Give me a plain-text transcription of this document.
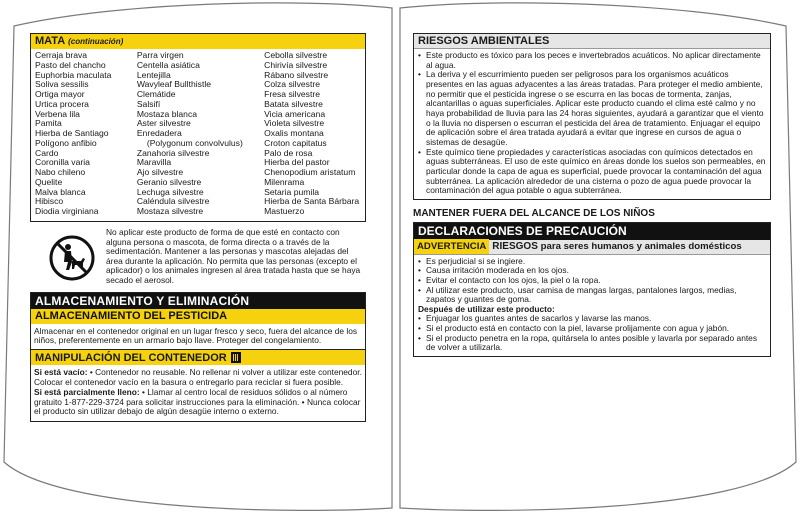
MATA (continuación)
Cerraja brava
Pasto del chancho
Euphorbia maculata
Soliva sessilis
Ortiga mayor
Urtica procera
Verbena lila
Pamita
Hierba de Santiago
Polígono anfibio
Cardo
Coronilla varia
Nabo chileno
Quelite
Malva blanca
Hibisco
Diodia virginiana
Parra virgen
Centella asiática
Lentejilla
Wavyleaf Bullthistle
Clemátide
Salsifí
Mostaza blanca
Aster silvestre
Enredadera
(Polygonum convolvulus)
Zanahoria silvestre
Maravilla
Ajo silvestre
Geranio silvestre
Lechuga silvestre
Caléndula silvestre
Mostaza silvestre
Cebolla silvestre
Chirivía silvestre
Rábano silvestre
Colza silvestre
Fresa silvestre
Batata silvestre
Vicia americana
Violeta silvestre
Oxalis montana
Croton capitatus
Palo de rosa
Hierba del pastor
Chenopodium aristatum
Milenrama
Setaria pumila
Hierba de Santa Bárbara
Mastuerzo
No aplicar este producto de forma de que esté en contacto con alguna persona o mascota, de forma directa o a través de la sedimentación. Mantener a las personas y mascotas alejadas del área durante la aplicación. No permita que las personas (excepto el aplicador) o los animales ingresen al área tratada hasta que se haya secado el aerosol.
ALMACENAMIENTO Y ELIMINACIÓN
ALMACENAMIENTO DEL PESTICIDA
Almacenar en el contenedor original en un lugar fresco y seco, fuera del alcance de los niños, preferentemente en un armario bajo llave. Proteger del congelamiento.
MANIPULACIÓN DEL CONTENEDOR
Si está vacío: • Contenedor no reusable. No rellenar ni volver a utilizar este contenedor. Colocar el contenedor vacío en la basura o entregarlo para reciclar si fuera posible.
Si está parcialmente lleno: • Llamar al centro local de residuos sólidos o al número gratuito 1-877-229-3724 para solicitar instrucciones para la eliminación. • Nunca colocar el producto sin utilizar debajo de algún desagüe interno o externo.
RIESGOS AMBIENTALES
• Este producto es tóxico para los peces e invertebrados acuáticos. No aplicar directamente al agua.
• La deriva y el escurrimiento pueden ser peligrosos para los organismos acuáticos presentes en las aguas adyacentes a las áreas tratadas. Para proteger el medio ambiente, no permitir que el pesticida ingrese o se escurra en las bocas de tormenta, zanjas, alcantarillas o aguas superficiales. Aplicar este producto cuando el clima esté calmo y no haya probabilidad de lluvia para las 24 horas siguientes, ayudará a garantizar que el viento o la lluvia no dispersen o escurran el pesticida del área de tratamiento. Enjuagar el equipo de aplicación sobre el área tratada ayudará a evitar que ingrese en cursos de agua o sistemas de desagüe.
• Este químico tiene propiedades y características asociadas con químicos detectados en aguas subterráneas. El uso de este químico en áreas donde los suelos son permeables, en particular donde la capa de agua es superficial, puede provocar la contaminación del agua subterránea. La aplicación alrededor de una cisterna o pozo de agua puede provocar la contaminación del agua potable o agua subterránea.
MANTENER FUERA DEL ALCANCE DE LOS NIÑOS
DECLARACIONES DE PRECAUCIÓN
ADVERTENCIA RIESGOS para seres humanos y animales domésticos
• Es perjudicial si se ingiere.
• Causa irritación moderada en los ojos.
• Evitar el contacto con los ojos, la piel o la ropa.
• Al utilizar este producto, usar camisa de mangas largas, pantalones largos, medias, zapatos y guantes de goma.
Después de utilizar este producto:
• Enjuagar los guantes antes de sacarlos y lavarse las manos.
• Si el producto está en contacto con la piel, lavarse prolijamente con agua y jabón.
• Si el producto penetra en la ropa, quitársela lo antes posible y lavarla por separado antes de volver a utilizarla.
